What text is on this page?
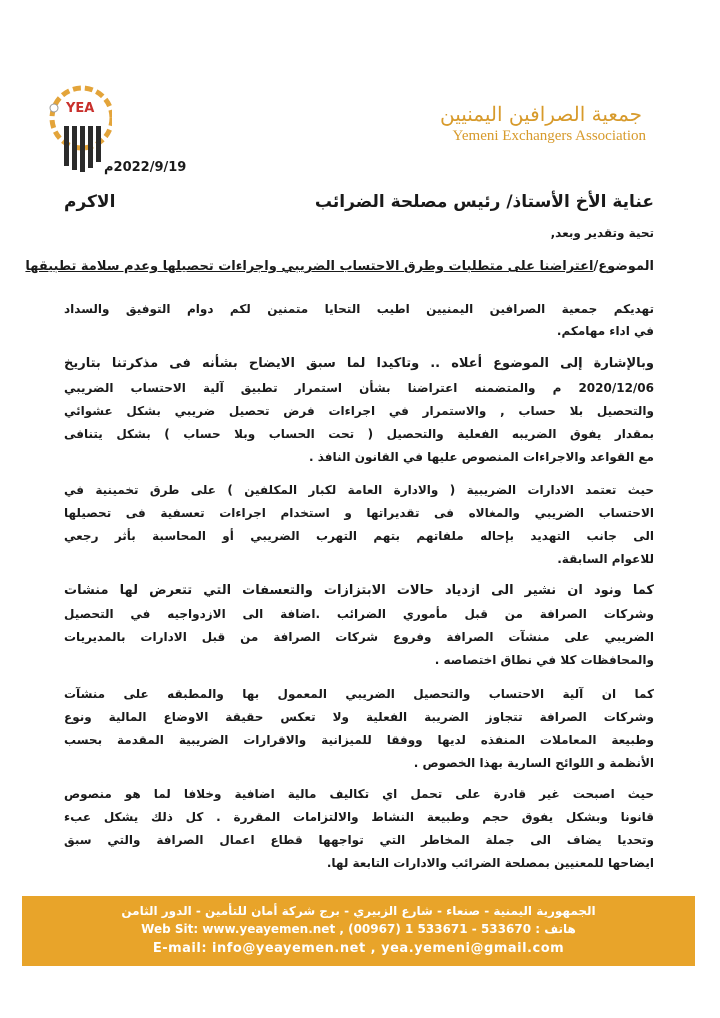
YEA	جمعية الصرافين اليمنيين
Yemeni Exchangers Association
2022/9/19م
عناية الأخ الأستاذ/ رئيس مصلحة الضرائب
الاكرم
تحية وتقدير وبعد,
الموضوع/اعتراضنا على متطلبات وطرق الاحتساب الضريبي واجراءات تحصيلها وعدم سلامة تطبيقها
تهديكم جمعية الصرافين اليمنيين اطيب التحايا متمنين لكم دوام التوفيق والسداد
في اداء مهامكم.
وبالإشارة إلى الموضوع أعلاه .. وتاكيدا لما سبق الايضاح بشأنه فى مذكرتنا بتاريخ
2020/12/06 م والمتضمنه اعتراضنا بشأن استمرار تطبيق آلية الاحتساب الضريبي
والتحصيل بلا حساب , والاستمرار في اجراءات فرض تحصيل ضريبي بشكل عشوائي
بمقدار يفوق الضريبه الفعلية والتحصيل ( تحت الحساب وبلا حساب ) بشكل يتنافى
مع القواعد والاجراءات المنصوص عليها في القانون النافذ .
حيث تعتمد الادارات الضريبية ( والادارة العامة لكبار المكلفين ) على طرق تخمينية في
الاحتساب الضريبي والمغالاه فى تقديراتها و استخدام اجراءات تعسفية فى تحصيلها
الى جانب التهديد بإحاله ملفاتهم بتهم التهرب الضريبي أو المحاسبة بأثر رجعي
للاعوام السابقة.
كما ونود ان نشير الى ازدياد حالات الابتزازات والتعسفات التي تتعرض لها منشات
وشركات الصرافة من قبل مأموري الضرائب .اضافة الى الازدواجيه في التحصيل
الضريبي على منشآت الصرافة وفروع شركات الصرافة من قبل الادارات بالمديريات
والمحافظات كلا في نطاق اختصاصه .
كما ان آلية الاحتساب والتحصيل الضريبي المعمول بها والمطبقه على منشآت
وشركات الصرافة تتجاوز الضريبة الفعلية ولا تعكس حقيقة الاوضاع المالية ونوع
وطبيعة المعاملات المنفذه لديها ووفقا للميزانية والاقرارات الضريبية المقدمة بحسب
الأنظمة و اللوائح السارية بهذا الخصوص .
حيث اصبحت غير قادرة على تحمل اي تكاليف مالية اضافية وخلافا لما هو منصوص
قانونا وبشكل يفوق حجم وطبيعة النشاط والالتزامات المقررة . كل ذلك يشكل عبء
وتحديا يضاف الى جملة المخاطر التي تواجهها قطاع اعمال الصرافة والتي سبق
ايضاحها للمعنيين بمصلحة الضرائب والادارات التابعة لها.
الجمهورية اليمنية - صنعاء - شارع الزبيري - برج شركة أمان للتأمين - الدور الثامن
Web Sit: www.yeayemen.net , (00967) 1 533671 - 533670 : هاتف
E-mail: info@yeayemen.net , yea.yemeni@gmail.com
